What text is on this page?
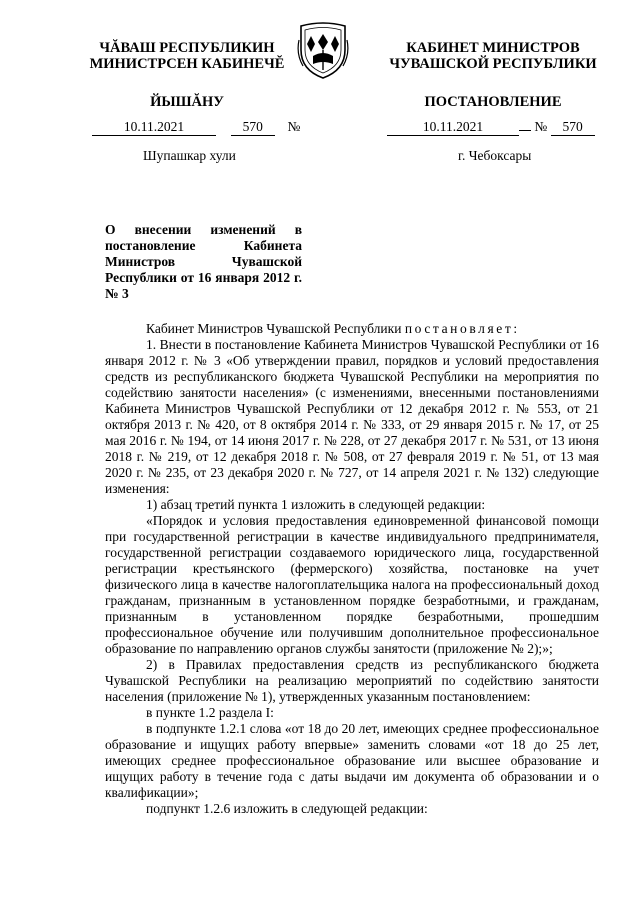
ЧĂВАШ РЕСПУБЛИКИН
МИНИСТРСЕН КАБИНЕЧĔ
ЙЫШĂНУ
КАБИНЕТ МИНИСТРОВ
ЧУВАШСКОЙ РЕСПУБЛИКИ
ПОСТАНОВЛЕНИЕ
10.11.2021	570 №	10.11.2021	№ 570
Шупашкар хули	г. Чебоксары
О внесении изменений в постановление Кабинета Министров Чувашской Республики от 16 января 2012 г. № 3

Кабинет Министров Чувашской Республики постановляет:

1. Внести в постановление Кабинета Министров Чувашской Республики от 16 января 2012 г. № 3 «Об утверждении правил, порядков и условий предоставления средств из республиканского бюджета Чувашской Республики на мероприятия по содействию занятости населения» (с изменениями, внесенными постановлениями Кабинета Министров Чувашской Республики от 12 декабря 2012 г. № 553, от 21 октября 2013 г. № 420, от 8 октября 2014 г. № 333, от 29 января 2015 г. № 17, от 25 мая 2016 г. № 194, от 14 июня 2017 г. № 228, от 27 декабря 2017 г. № 531, от 13 июня 2018 г. № 219, от 12 декабря 2018 г. № 508, от 27 февраля 2019 г. № 51, от 13 мая 2020 г. № 235, от 23 декабря 2020 г. № 727, от 14 апреля 2021 г. № 132) следующие изменения:

1) абзац третий пункта 1 изложить в следующей редакции:

«Порядок и условия предоставления единовременной финансовой помощи при государственной регистрации в качестве индивидуального предпринимателя, государственной регистрации создаваемого юридического лица, государственной регистрации крестьянского (фермерского) хозяйства, постановке на учет физического лица в качестве налогоплательщика налога на профессиональный доход гражданам, признанным в установленном порядке безработными, и гражданам, признанным в установленном порядке безработными, прошедшим профессиональное обучение или получившим дополнительное профессиональное образование по направлению органов службы занятости (приложение № 2);»;

2) в Правилах предоставления средств из республиканского бюджета Чувашской Республики на реализацию мероприятий по содействию занятости населения (приложение № 1), утвержденных указанным постановлением:

в пункте 1.2 раздела I:

в подпункте 1.2.1 слова «от 18 до 20 лет, имеющих среднее профессиональное образование и ищущих работу впервые» заменить словами «от 18 до 25 лет, имеющих среднее профессиональное образование или высшее образование и ищущих работу в течение года с даты выдачи им документа об образовании и о квалификации»;

подпункт 1.2.6 изложить в следующей редакции:
